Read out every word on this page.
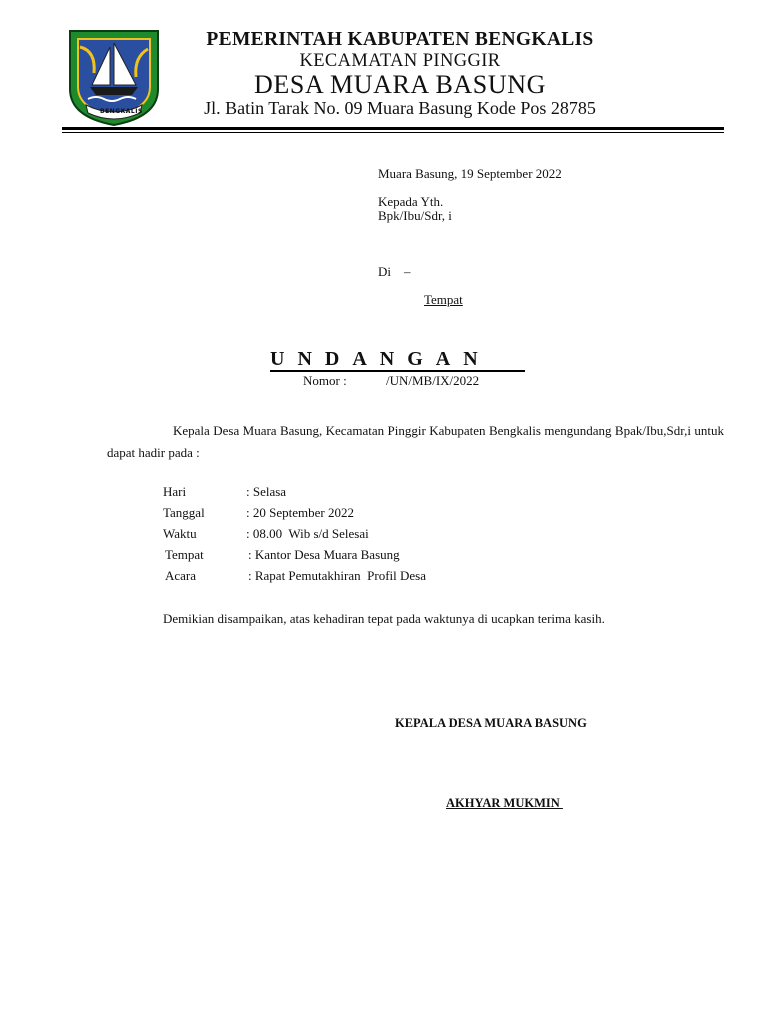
BENGKALIS
PEMERINTAH KABUPATEN BENGKALIS
KECAMATAN PINGGIR
DESA MUARA BASUNG
Jl. Batin Tarak No. 09 Muara Basung Kode Pos 28785
Muara Basung, 19 September 2022
Kepada Yth.
Bpk/Ibu/Sdr, i
Di    –
Tempat
UNDANGAN
Nomor :	/UN/MB/IX/2022
Kepala Desa Muara Basung, Kecamatan Pinggir Kabupaten Bengkalis mengundang Bpak/Ibu,Sdr,i untuk dapat hadir pada :
Hari	: Selasa
Tanggal	: 20 September 2022
Waktu	: 08.00  Wib s/d Selesai
Tempat	: Kantor Desa Muara Basung
Acara	: Rapat Pemutakhiran  Profil Desa
Demikian disampaikan, atas kehadiran tepat pada waktunya di ucapkan terima kasih.
KEPALA DESA MUARA BASUNG
AKHYAR MUKMIN
